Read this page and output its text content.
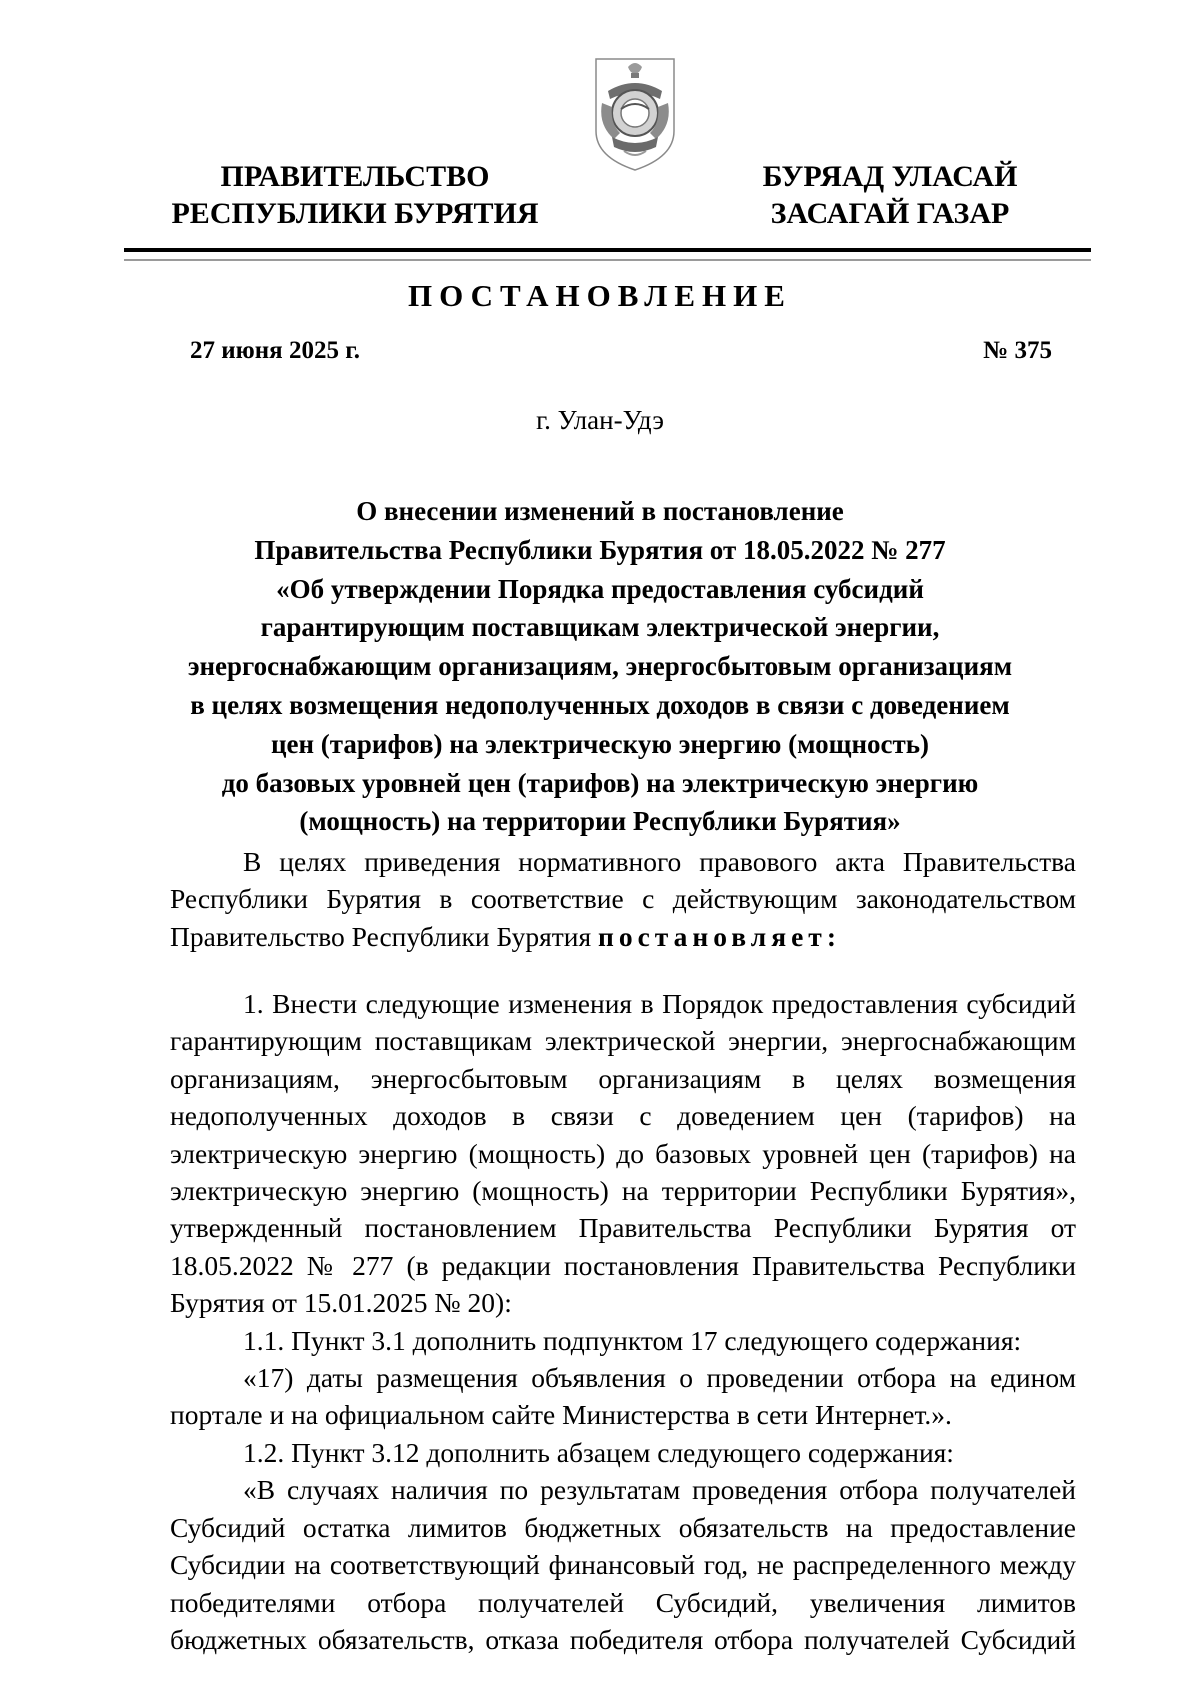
ПРАВИТЕЛЬСТВО
РЕСПУБЛИКИ БУРЯТИЯ
БУРЯАД УЛАСАЙ
ЗАСАГАЙ ГАЗАР
ПОСТАНОВЛЕНИЕ
27 июня 2025 г.	№ 375
г. Улан-Удэ
О внесении изменений в постановление
Правительства Республики Бурятия от 18.05.2022 № 277
«Об утверждении Порядка предоставления субсидий
гарантирующим поставщикам электрической энергии,
энергоснабжающим организациям, энергосбытовым организациям
в целях возмещения недополученных доходов в связи с доведением
цен (тарифов) на электрическую энергию (мощность)
до базовых уровней цен (тарифов) на электрическую энергию
(мощность) на территории Республики Бурятия»

В целях приведения нормативного правового акта Правительства Республики Бурятия в соответствие с действующим законодательством Правительство Республики Бурятия постановляет:

1. Внести следующие изменения в Порядок предоставления субсидий гарантирующим поставщикам электрической энергии, энергоснабжающим организациям, энергосбытовым организациям в целях возмещения недополученных доходов в связи с доведением цен (тарифов) на электрическую энергию (мощность) до базовых уровней цен (тарифов) на электрическую энергию (мощность) на территории Республики Бурятия», утвержденный постановлением Правительства Республики Бурятия от 18.05.2022 № 277 (в редакции постановления Правительства Республики Бурятия от 15.01.2025 № 20):

1.1. Пункт 3.1 дополнить подпунктом 17 следующего содержания:

«17) даты размещения объявления о проведении отбора на едином портале и на официальном сайте Министерства в сети Интернет.».

1.2. Пункт 3.12 дополнить абзацем следующего содержания:

«В случаях наличия по результатам проведения отбора получателей Субсидий остатка лимитов бюджетных обязательств на предоставление Субсидии на соответствующий финансовый год, не распределенного между победителями отбора получателей Субсидий, увеличения лимитов бюджетных обязательств, отказа победителя отбора получателей Субсидий
